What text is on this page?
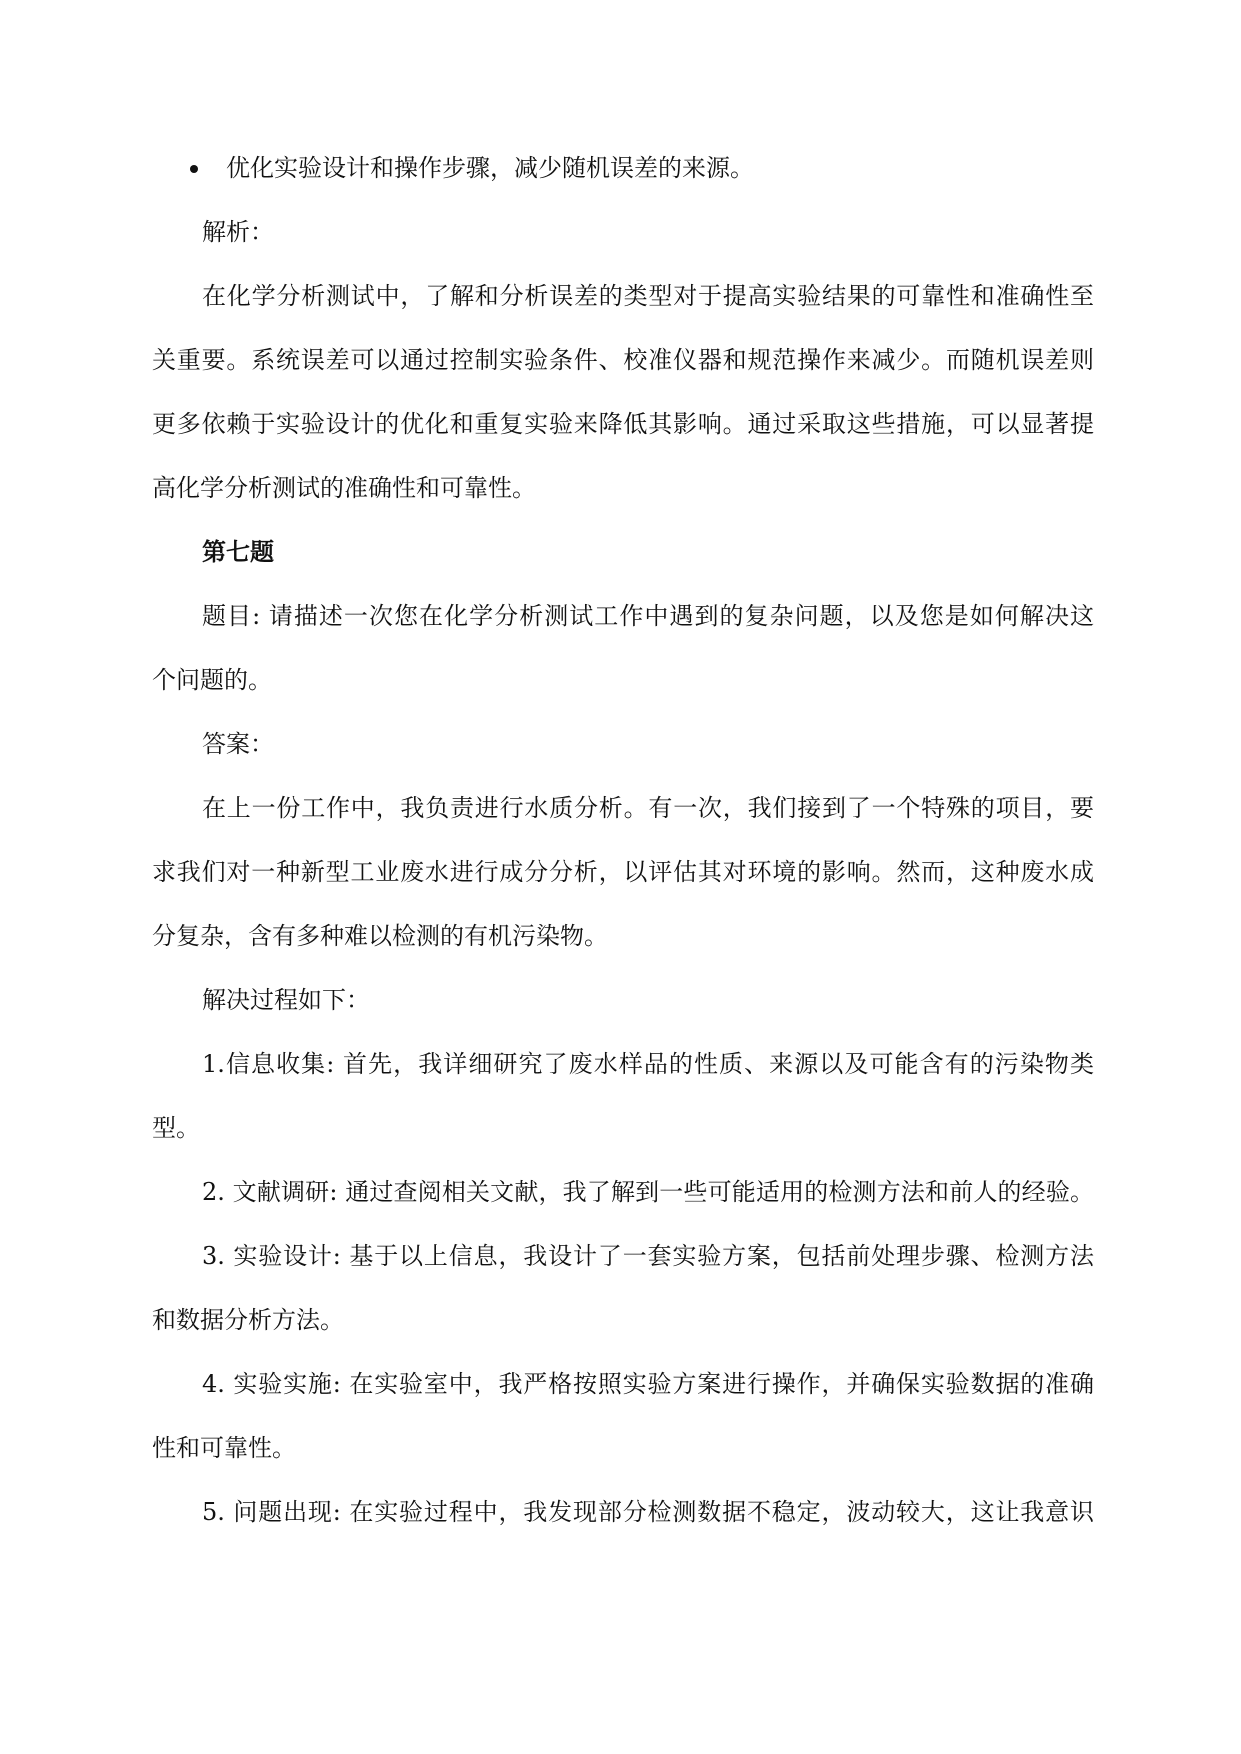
优化实验设计和操作步骤，减少随机误差的来源。
解析：
在化学分析测试中，了解和分析误差的类型对于提高实验结果的可靠性和准确性至
关重要。系统误差可以通过控制实验条件、校准仪器和规范操作来减少。而随机误差则
更多依赖于实验设计的优化和重复实验来降低其影响。通过采取这些措施，可以显著提
高化学分析测试的准确性和可靠性。
第七题
题目: 请描述一次您在化学分析测试工作中遇到的复杂问题，以及您是如何解决这
个问题的。
答案：
在上一份工作中，我负责进行水质分析。有一次，我们接到了一个特殊的项目，要
求我们对一种新型工业废水进行成分分析，以评估其对环境的影响。然而，这种废水成
分复杂，含有多种难以检测的有机污染物。
解决过程如下：
1.信息收集: 首先，我详细研究了废水样品的性质、来源以及可能含有的污染物类
型。
2. 文献调研: 通过查阅相关文献，我了解到一些可能适用的检测方法和前人的经验。
3. 实验设计: 基于以上信息，我设计了一套实验方案，包括前处理步骤、检测方法
和数据分析方法。
4. 实验实施: 在实验室中，我严格按照实验方案进行操作，并确保实验数据的准确
性和可靠性。
5. 问题出现: 在实验过程中，我发现部分检测数据不稳定，波动较大，这让我意识
